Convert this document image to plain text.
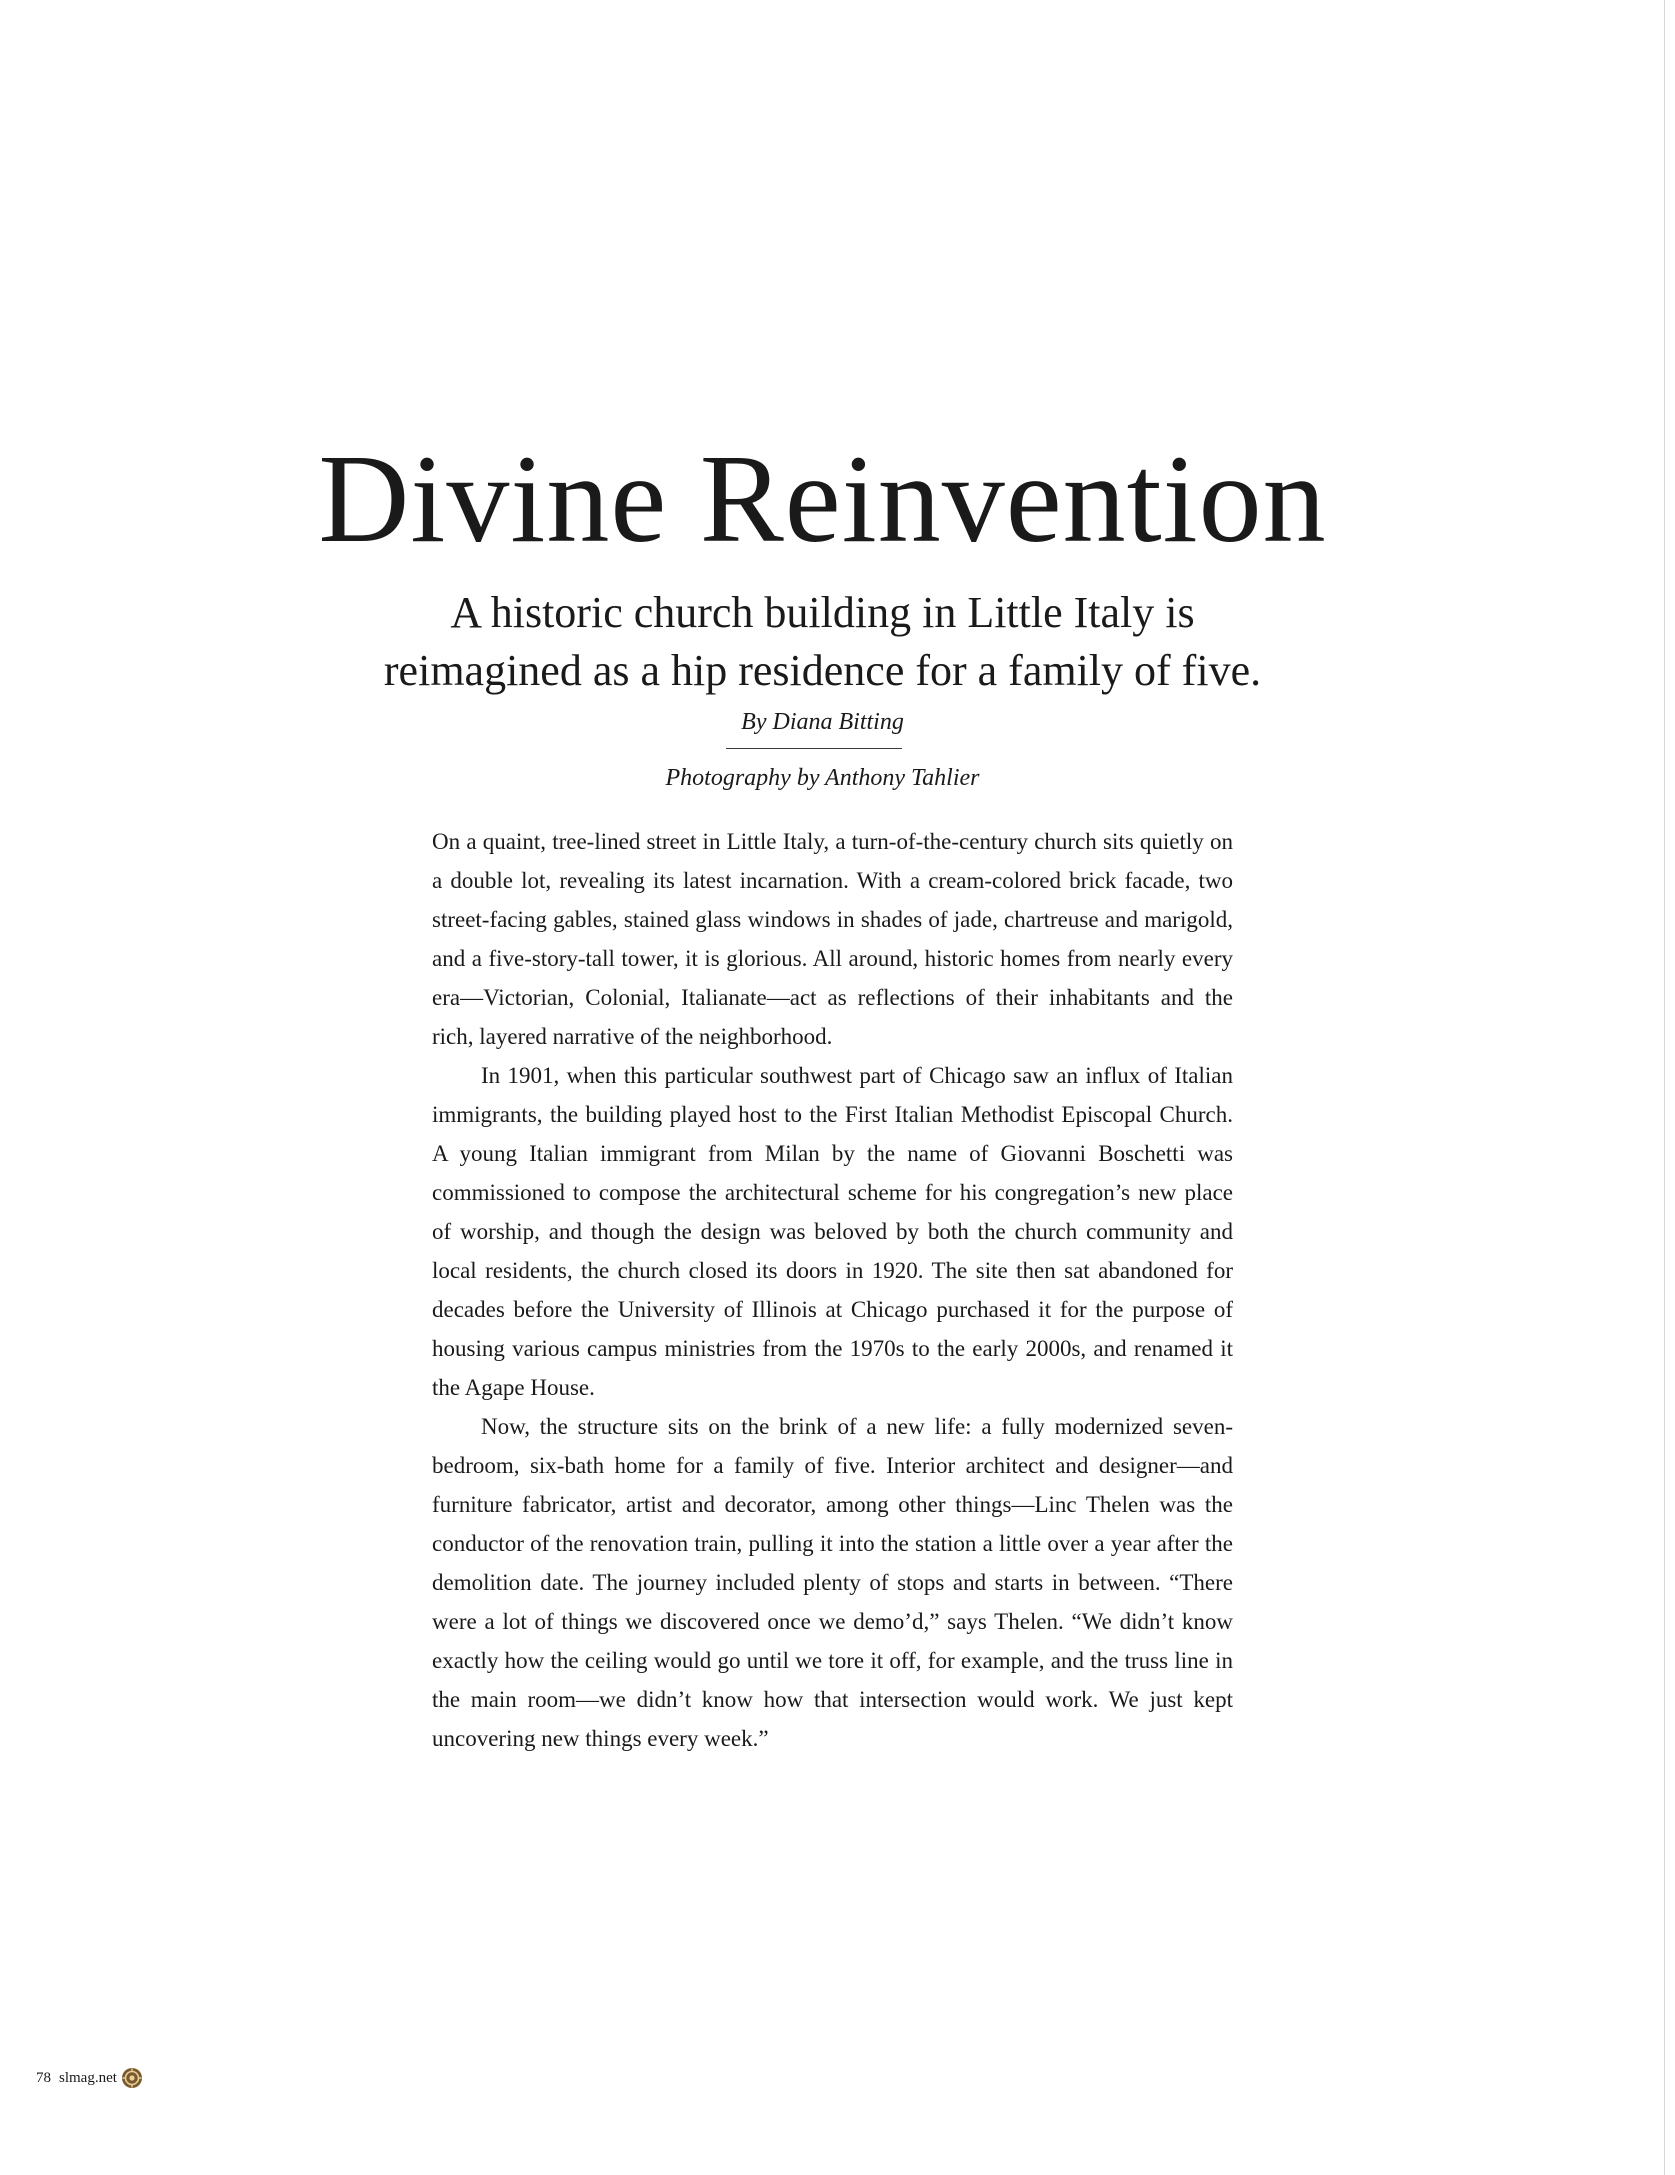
Divine Reinvention
A historic church building in Little Italy is
reimagined as a hip residence for a family of five.
By Diana Bitting
Photography by Anthony Tahlier

On a quaint, tree-lined street in Little Italy, a turn-of-the-century church sits quietly on a double lot, revealing its latest incarnation. With a cream-colored brick facade, two street-facing gables, stained glass windows in shades of jade, chartreuse and marigold, and a five-story-tall tower, it is glorious. All around, historic homes from nearly every era—Victorian, Colonial, Italianate—act as reflections of their inhabitants and the rich, layered narrative of the neighborhood.

In 1901, when this particular southwest part of Chicago saw an influx of Italian immigrants, the building played host to the First Italian Methodist Episcopal Church. A young Italian immigrant from Milan by the name of Giovanni Boschetti was commissioned to compose the architectural scheme for his congregation’s new place of worship, and though the design was beloved by both the church community and local residents, the church closed its doors in 1920. The site then sat abandoned for decades before the University of Illinois at Chicago purchased it for the purpose of housing various campus ministries from the 1970s to the early 2000s, and renamed it the Agape House.

Now, the structure sits on the brink of a new life: a fully modernized seven-bedroom, six-bath home for a family of five. Interior architect and designer—and furniture fabricator, artist and decorator, among other things—Linc Thelen was the conductor of the renovation train, pulling it into the station a little over a year after the demolition date. The journey included plenty of stops and starts in between. “There were a lot of things we discovered once we demo’d,” says Thelen. “We didn’t know exactly how the ceiling would go until we tore it off, for example, and the truss line in the main room—we didn’t know how that intersection would work. We just kept uncovering new things every week.”

78 slmag.net
